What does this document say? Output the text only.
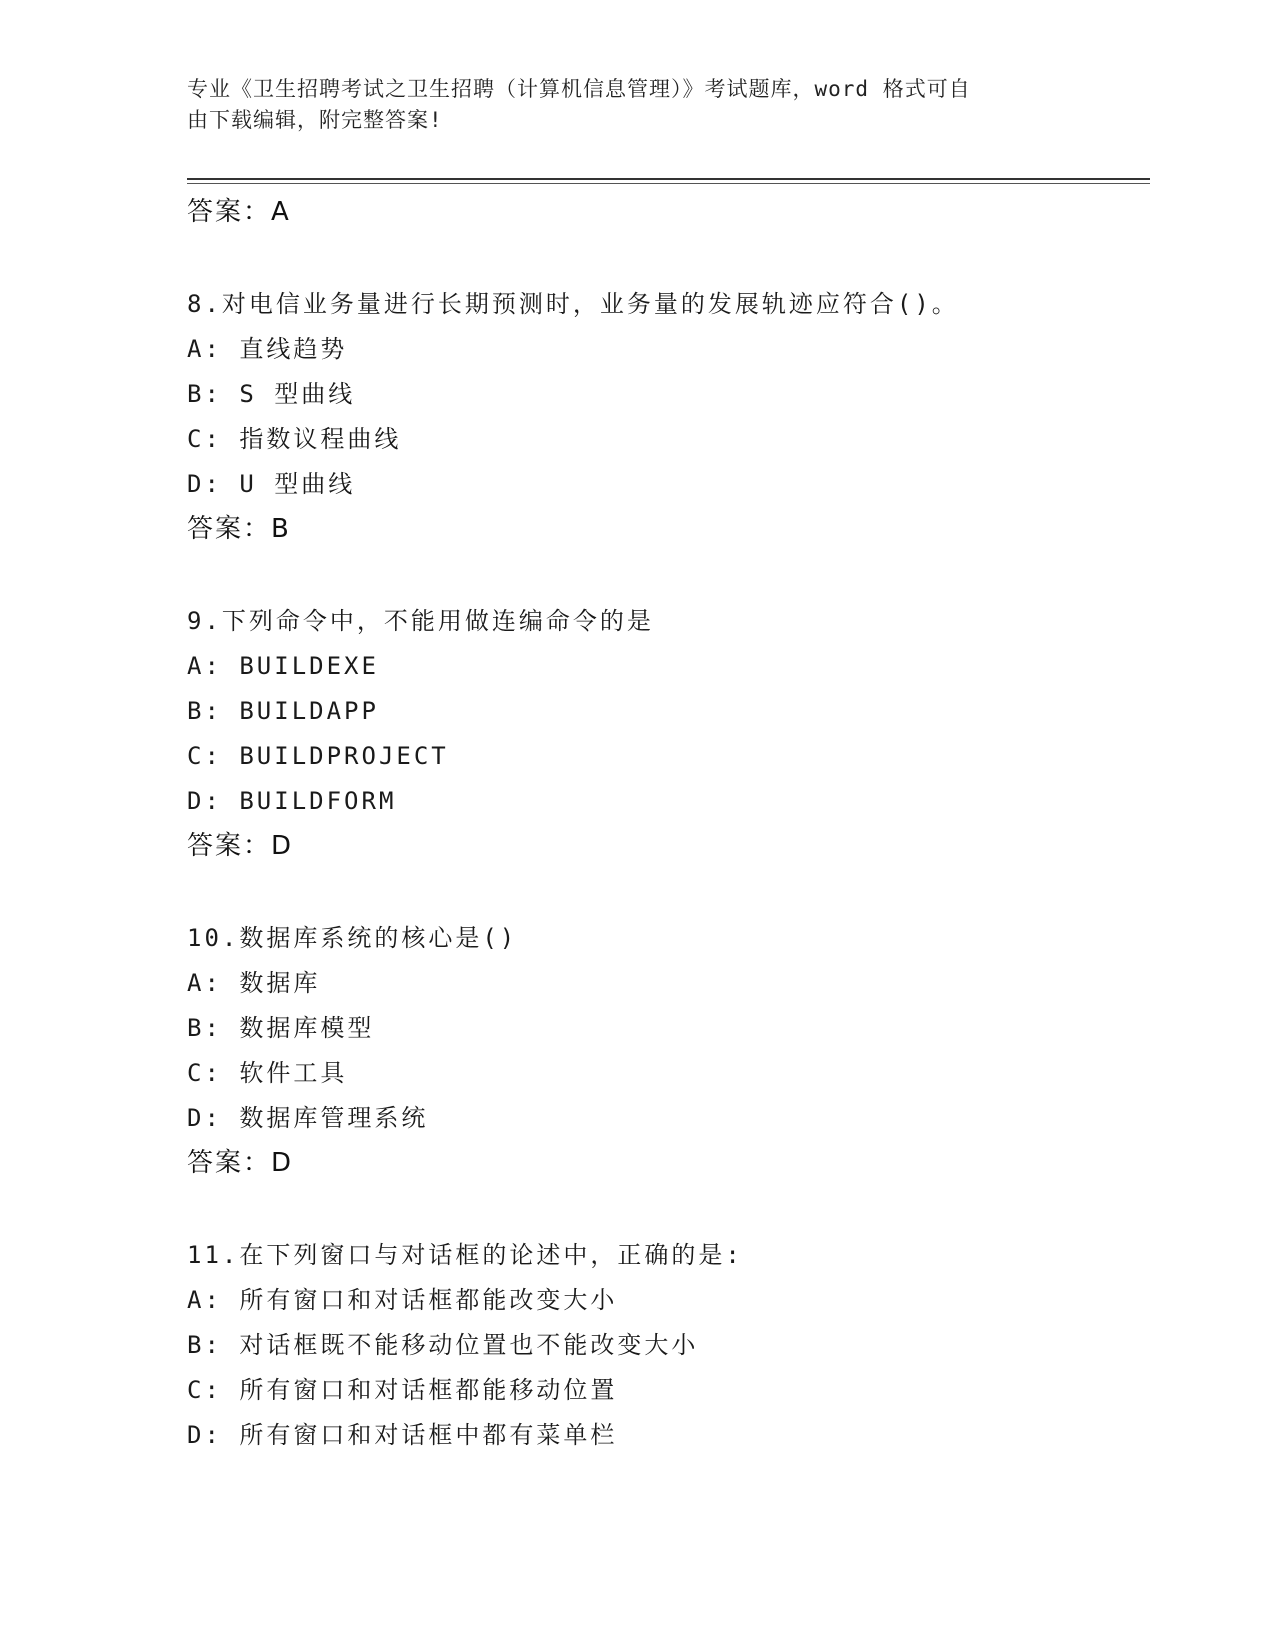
专业《卫生招聘考试之卫生招聘（计算机信息管理）》考试题库，word 格式可自
由下载编辑，附完整答案!
答案：A
8.对电信业务量进行长期预测时，业务量的发展轨迹应符合()。
A: 直线趋势
B: S 型曲线
C: 指数议程曲线
D: U 型曲线
答案：B
9.下列命令中，不能用做连编命令的是
A: BUILDEXE
B: BUILDAPP
C: BUILDPROJECT
D: BUILDFORM
答案：D
10.数据库系统的核心是()
A: 数据库
B: 数据库模型
C: 软件工具
D: 数据库管理系统
答案：D
11.在下列窗口与对话框的论述中，正确的是:
A: 所有窗口和对话框都能改变大小
B: 对话框既不能移动位置也不能改变大小
C: 所有窗口和对话框都能移动位置
D: 所有窗口和对话框中都有菜单栏
